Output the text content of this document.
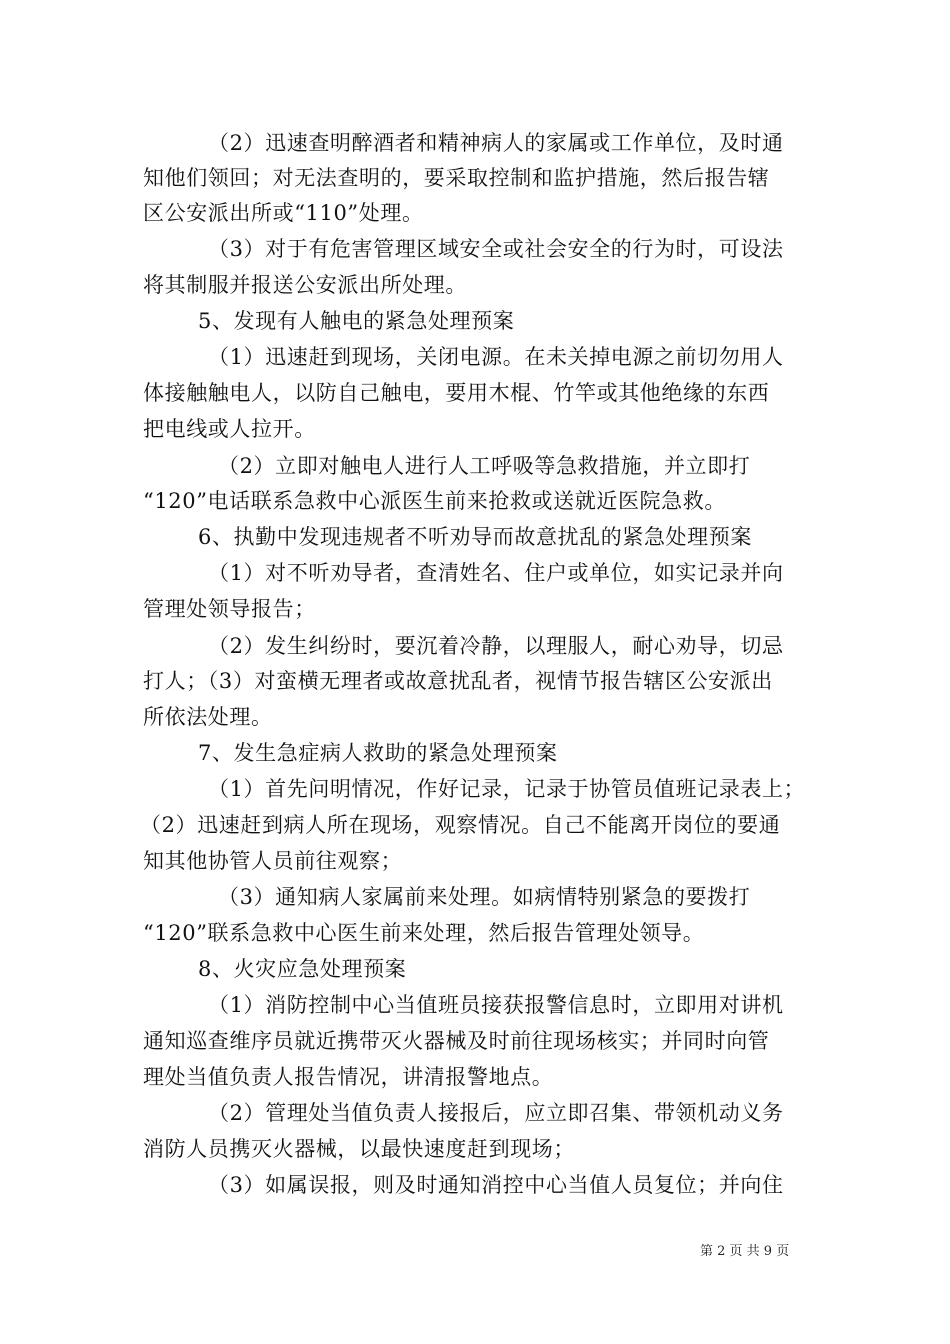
（2）迅速查明醉酒者和精神病人的家属或工作单位，及时通
知他们领回；对无法查明的，要采取控制和监护措施，然后报告辖
区公安派出所或“110”处理。
（3）对于有危害管理区域安全或社会安全的行为时，可设法
将其制服并报送公安派出所处理。
5、发现有人触电的紧急处理预案
（1）迅速赶到现场，关闭电源。在未关掉电源之前切勿用人
体接触触电人，以防自己触电，要用木棍、竹竿或其他绝缘的东西
把电线或人拉开。
（2）立即对触电人进行人工呼吸等急救措施，并立即打
“120”电话联系急救中心派医生前来抢救或送就近医院急救。
6、执勤中发现违规者不听劝导而故意扰乱的紧急处理预案
（1）对不听劝导者，查清姓名、住户或单位，如实记录并向
管理处领导报告；
（2）发生纠纷时，要沉着冷静，以理服人，耐心劝导，切忌
打人；（3）对蛮横无理者或故意扰乱者，视情节报告辖区公安派出
所依法处理。
7、发生急症病人救助的紧急处理预案
（1）首先问明情况，作好记录，记录于协管员值班记录表上；
（2）迅速赶到病人所在现场，观察情况。自己不能离开岗位的要通
知其他协管人员前往观察；
（3）通知病人家属前来处理。如病情特别紧急的要拨打
“120”联系急救中心医生前来处理，然后报告管理处领导。
8、火灾应急处理预案
（1）消防控制中心当值班员接获报警信息时，立即用对讲机
通知巡查维序员就近携带灭火器械及时前往现场核实；并同时向管
理处当值负责人报告情况，讲清报警地点。
（2）管理处当值负责人接报后，应立即召集、带领机动义务
消防人员携灭火器械，以最快速度赶到现场；
（3）如属误报，则及时通知消控中心当值人员复位；并向住
第 2 页 共 9 页
